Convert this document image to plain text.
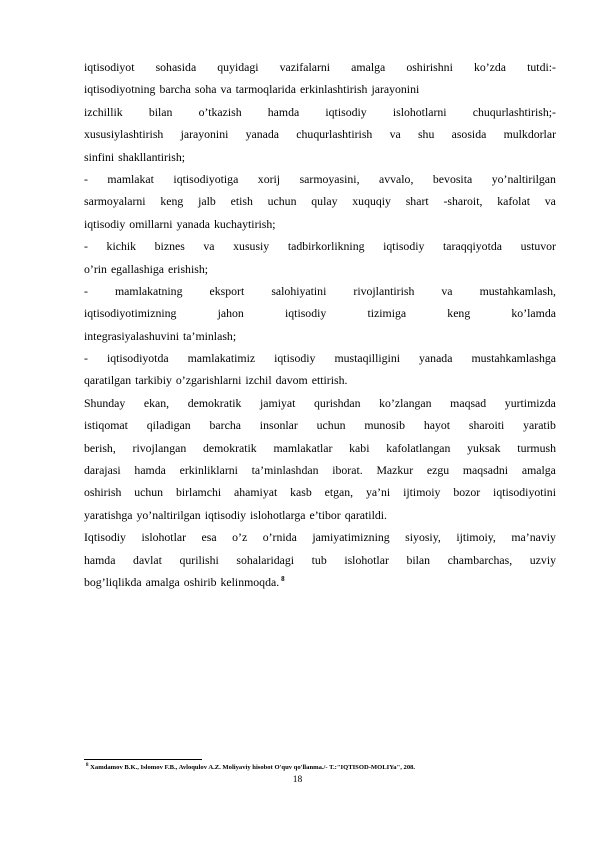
iqtisodiyot sohasida quyidagi vazifalarni amalga oshirishni ko’zda tutdi:-
iqtisodiyotning barcha soha va tarmoqlarida erkinlashtirish jarayonini
izchillik bilan o’tkazish hamda iqtisodiy islohotlarni chuqurlashtirish;-
xususiylashtirish jarayonini yanada chuqurlashtirish va shu asosida mulkdorlar
sinfini shakllantirish;
- mamlakat iqtisodiyotiga xorij sarmoyasini, avvalo, bevosita yo’naltirilgan
sarmoyalarni keng jalb etish uchun qulay xuquqiy shart -sharoit, kafolat va
iqtisodiy omillarni yanada kuchaytirish;
- kichik biznes va xususiy tadbirkorlikning iqtisodiy taraqqiyotda ustuvor
o’rin egallashiga erishish;
- mamlakatning eksport salohiyatini rivojlantirish va mustahkamlash,
iqtisodiyotimizning	jahon	iqtisodiy	tizimiga	keng	ko’lamda
integrasiyalashuvini ta’minlash;
- iqtisodiyotda mamlakatimiz iqtisodiy mustaqilligini yanada mustahkamlashga
qaratilgan tarkibiy o’zgarishlarni izchil davom ettirish.
Shunday ekan, demokratik jamiyat qurishdan ko’zlangan maqsad yurtimizda
istiqomat qiladigan barcha insonlar uchun munosib hayot sharoiti yaratib
berish, rivojlangan demokratik mamlakatlar kabi kafolatlangan yuksak turmush
darajasi hamda erkinliklarni ta’minlashdan iborat. Mazkur ezgu maqsadni amalga
oshirish uchun birlamchi ahamiyat kasb etgan, ya’ni ijtimoiy bozor iqtisodiyotini
yaratishga yo’naltirilgan iqtisodiy islohotlarga e’tibor qaratildi.
Iqtisodiy islohotlar esa o’z o’rnida jamiyatimizning siyosiy, ijtimoiy, ma’naviy
hamda davlat qurilishi sohalaridagi tub islohotlar bilan chambarchas, uzviy
bog’liqlikda amalga oshirib kelinmoqda. $^8$
$^8$ Xamdamov B.K., Islomov F.B., Avloqulov A.Z. Moliyaviy hisobot O'quv qo'llanma./- T.:"IQTISOD-MOLIYa", 208.
18
